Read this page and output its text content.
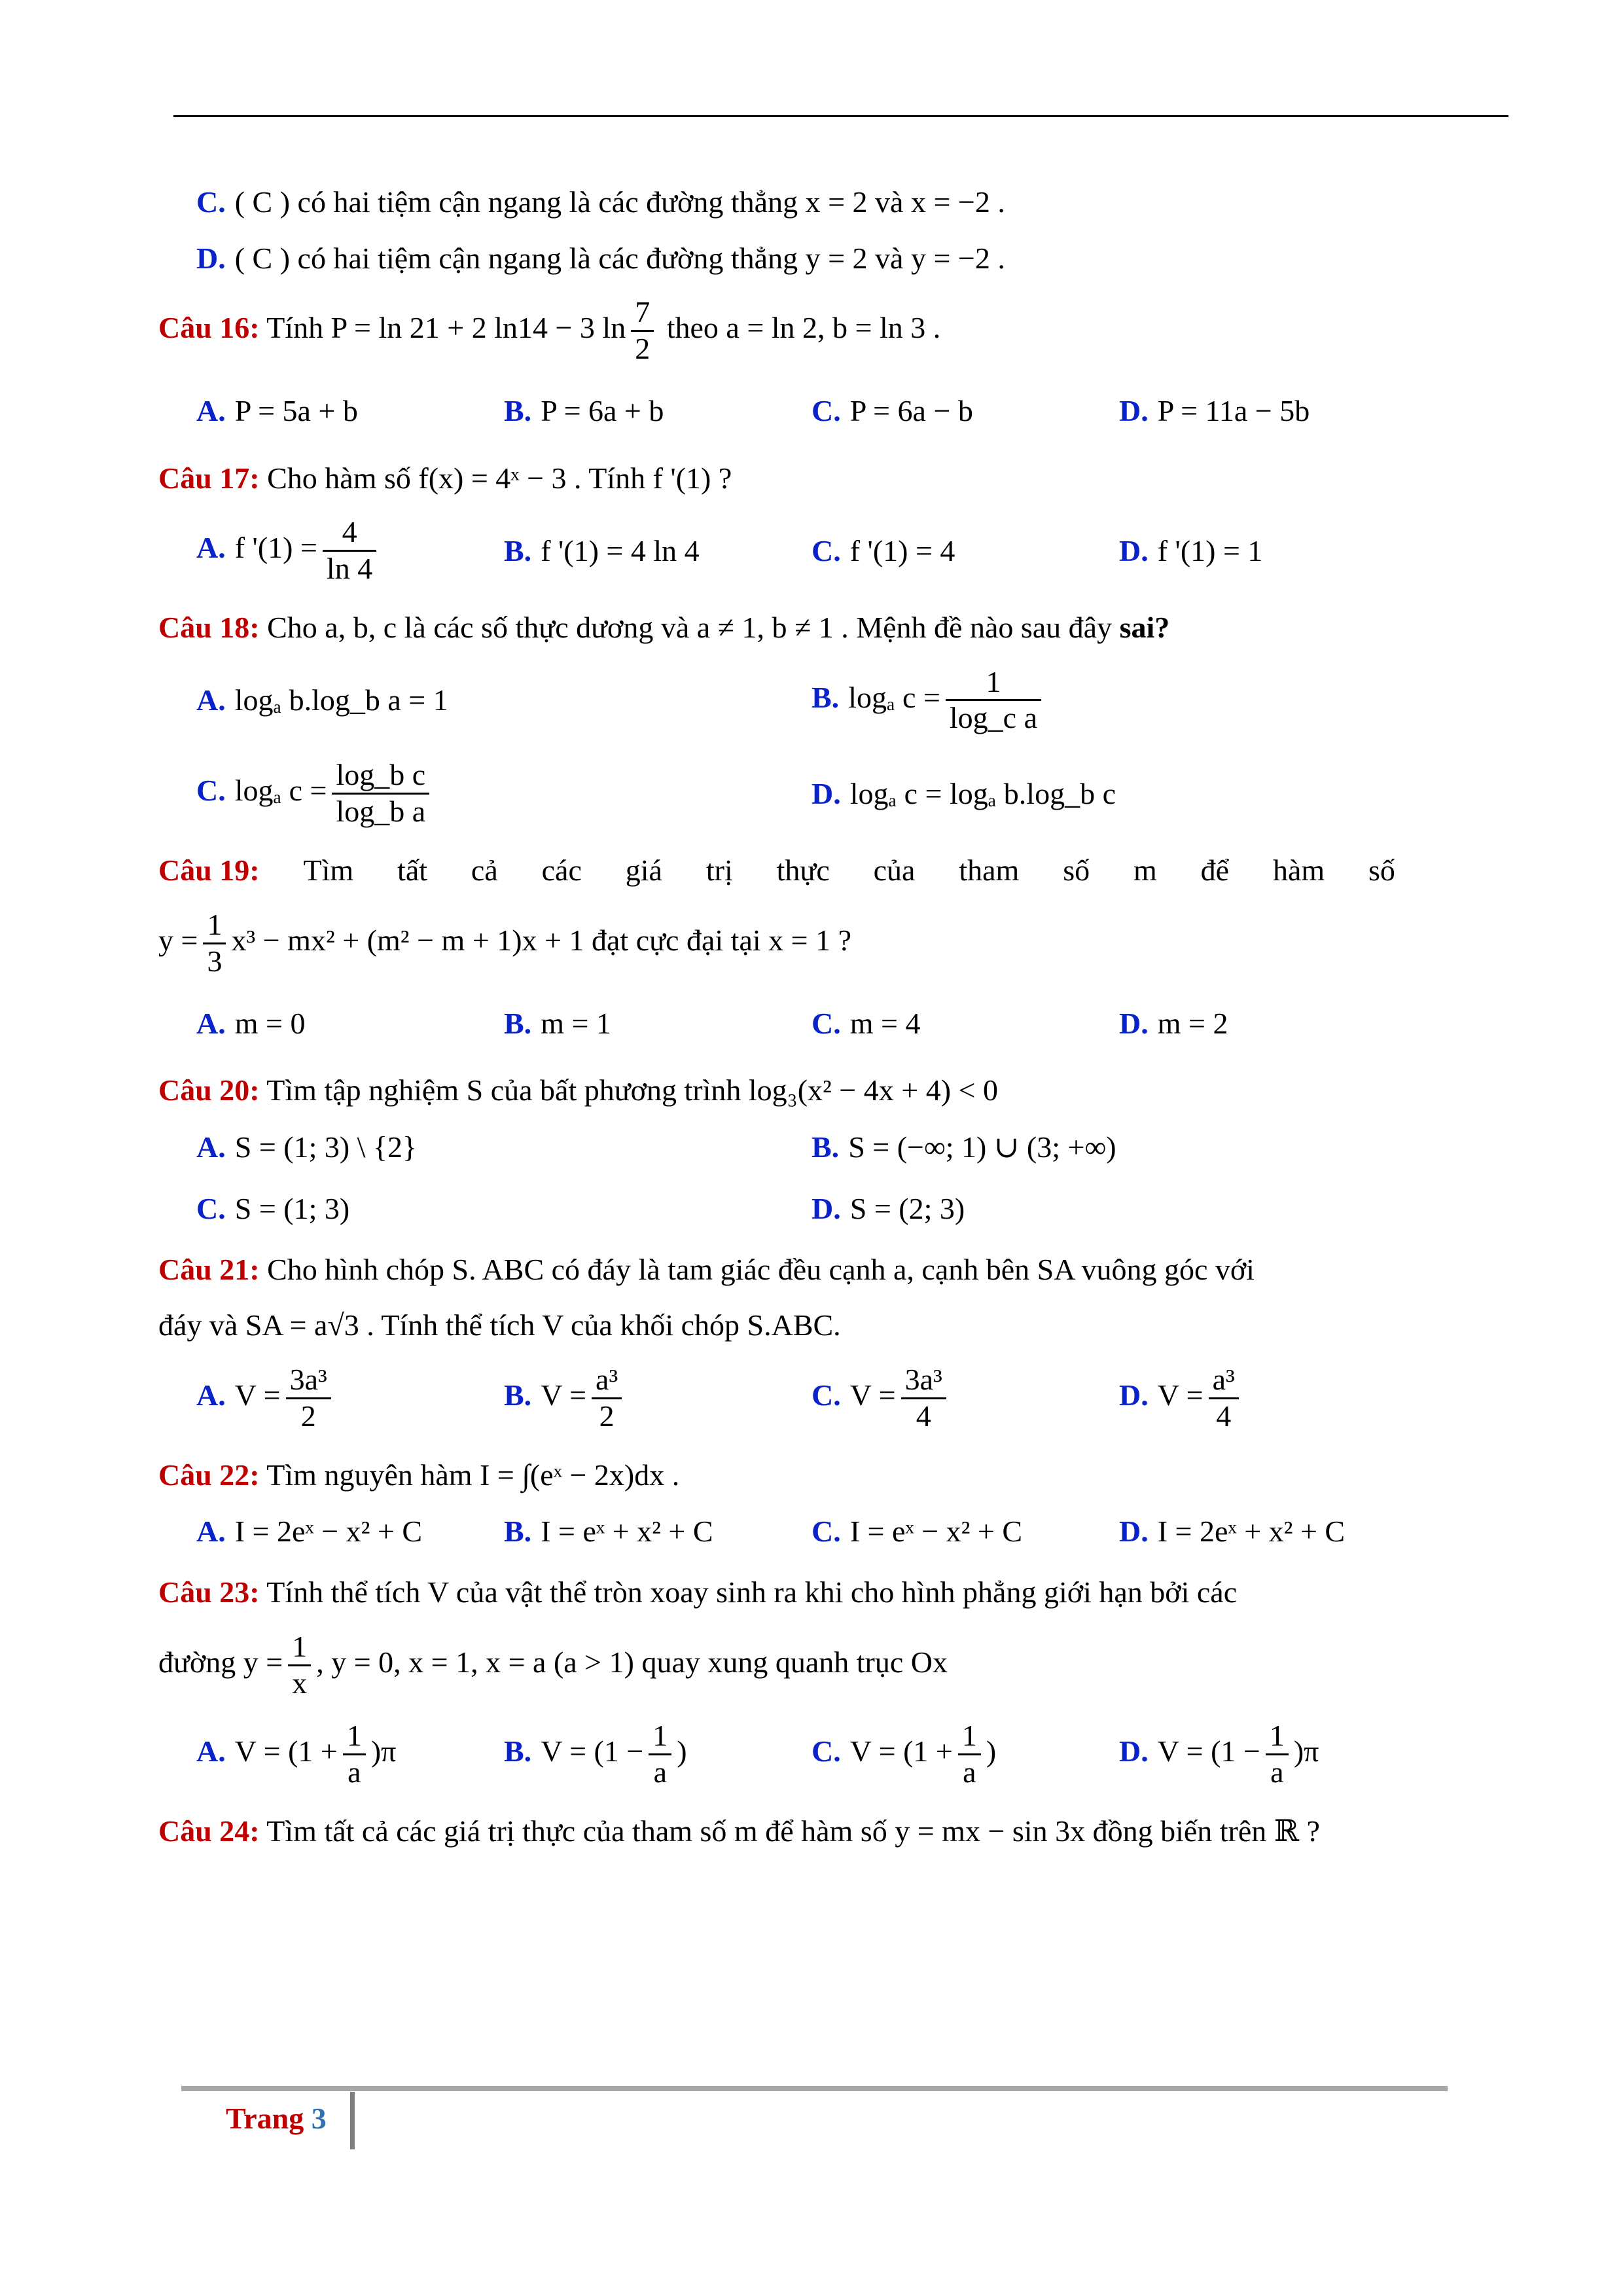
C. ( C ) có hai tiệm cận ngang là các đường thẳng x = 2 và x = −2 .
D. ( C ) có hai tiệm cận ngang là các đường thẳng y = 2 và y = −2 .
Câu 16: Tính P = ln 21 + 2 ln14 − 3 $\ln \frac{7}{2}$ theo a = ln 2, b = ln 3 .
A. P = 5a + b	B. P = 6a + b	C. P = 6a − b	D. P = 11a − 5b
Câu 17: Cho hàm số f(x) = 4ˣ − 3 . Tính f '(1) ?
A. f '$(1) = \frac{4}{\ln 4}$	B. f '(1) = 4 ln 4	C. f '(1) = 4	D. f '(1) = 1
Câu 18: Cho a, b, c là các số thực dương và a ≠ 1, b ≠ 1 . Mệnh đề nào sau đây sai?
A. logₐ b.log_b a = 1	B. logₐ $c = \frac{1}{\text{log\_c a}}$
C. logₐ $c = \frac{\text{log\_b c}}{\text{log\_b a}}$	D. logₐ c = logₐ b.log_b c
Câu 19: Tìm tất cả các giá trị thực của tham số m để hàm số
$y = \frac{1}{3} x^3 - mx^2 + (m^2 - m + 1)x + 1$ đạt cực đại tại x = 1 ?
A. m = 0	B. m = 1	C. m = 4	D. m = 2
Câu 20: Tìm tập nghiệm S của bất phương trình log₃(x² − 4x + 4) < 0
A. S = (1; 3) \ {2}	B. S = (−∞; 1) ∪ (3; +∞)
C. S = (1; 3)	D. S = (2; 3)
Câu 21: Cho hình chóp S. ABC có đáy là tam giác đều cạnh a, cạnh bên SA vuông góc với
đáy và SA = a√3 . Tính thể tích V của khối chóp S.ABC.
A. $V = \frac{\text{3a³}}{2}$	B. $V = \frac{\text{a³}}{2}$	C. $V = \frac{\text{3a³}}{4}$	D. $V = \frac{\text{a³}}{4}$
Câu 22: Tìm nguyên hàm I = ∫(eˣ − 2x)dx .
A. I = 2eˣ − x² + C	B. I = eˣ + x² + C	C. I = eˣ − x² + C	D. I = 2eˣ + x² + C
Câu 23: Tính thể tích V của vật thể tròn xoay sinh ra khi cho hình phẳng giới hạn bởi các
đường $y = \frac{1}{x}$ , y = 0, x = 1, x = a (a > 1) quay xung quanh trục Ox
A. $V = (1 + \frac{1}{a} )\pi$	B. $V = (1 - \frac{1}{a}$ )	C. $V = (1 + \frac{1}{a}$ )	D. $V = (1 - \frac{1}{a} )\pi$
Câu 24: Tìm tất cả các giá trị thực của tham số m để hàm số y = mx − sin 3x đồng biến trên ℝ ?
Trang 3
